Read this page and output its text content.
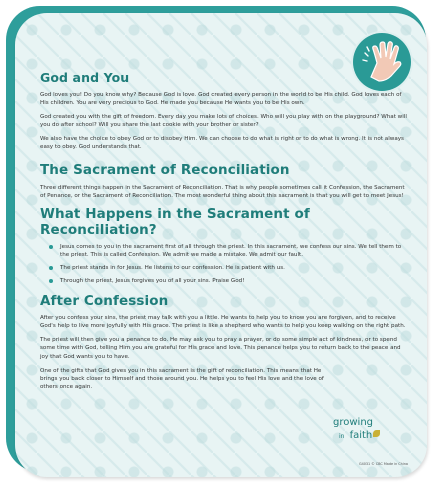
God and You

God loves you! Do you know why? Because God is love. God created every person in the world to be His child. God loves each of His children. You are very precious to God. He made you because He wants you to be His own.

God created you with the gift of freedom. Every day you make lots of choices. Who will you play with on the playground? What will you do after school? Will you share the last cookie with your brother or sister?

We also have the choice to obey God or to disobey Him. We can choose to do what is right or to do what is wrong. It is not always easy to obey. God understands that.

The Sacrament of Reconciliation

Three different things happen in the Sacrament of Reconciliation. That is why people sometimes call it Confession, the Sacrament of Penance, or the Sacrament of Reconciliation. The most wonderful thing about this sacrament is that you will get to meet Jesus!

What Happens in the Sacrament of Reconciliation?
Jesus comes to you in the sacrament first of all through the priest. In this sacrament, we confess our sins. We tell them to the priest. This is called Confession. We admit we made a mistake. We admit our fault.
The priest stands in for Jesus. He listens to our confession. He is patient with us.
Through the priest, Jesus forgives you of all your sins. Praise God!
After Confession

After you confess your sins, the priest may talk with you a little. He wants to help you to know you are forgiven, and to receive God's help to live more joyfully with His grace. The priest is like a shepherd who wants to help you keep walking on the right path.

The priest will then give you a penance to do. He may ask you to pray a prayer, or do some simple act of kindness, or to spend some time with God, telling Him you are grateful for His grace and love. This penance helps you to return back to the peace and joy that God wants you to have.

One of the gifts that God gives you in this sacrament is the gift of reconciliation. This means that He brings you back closer to Himself and those around you. He helps you to feel His love and the love of others once again.

growing
in faith
G4031 © CBC Made in China
